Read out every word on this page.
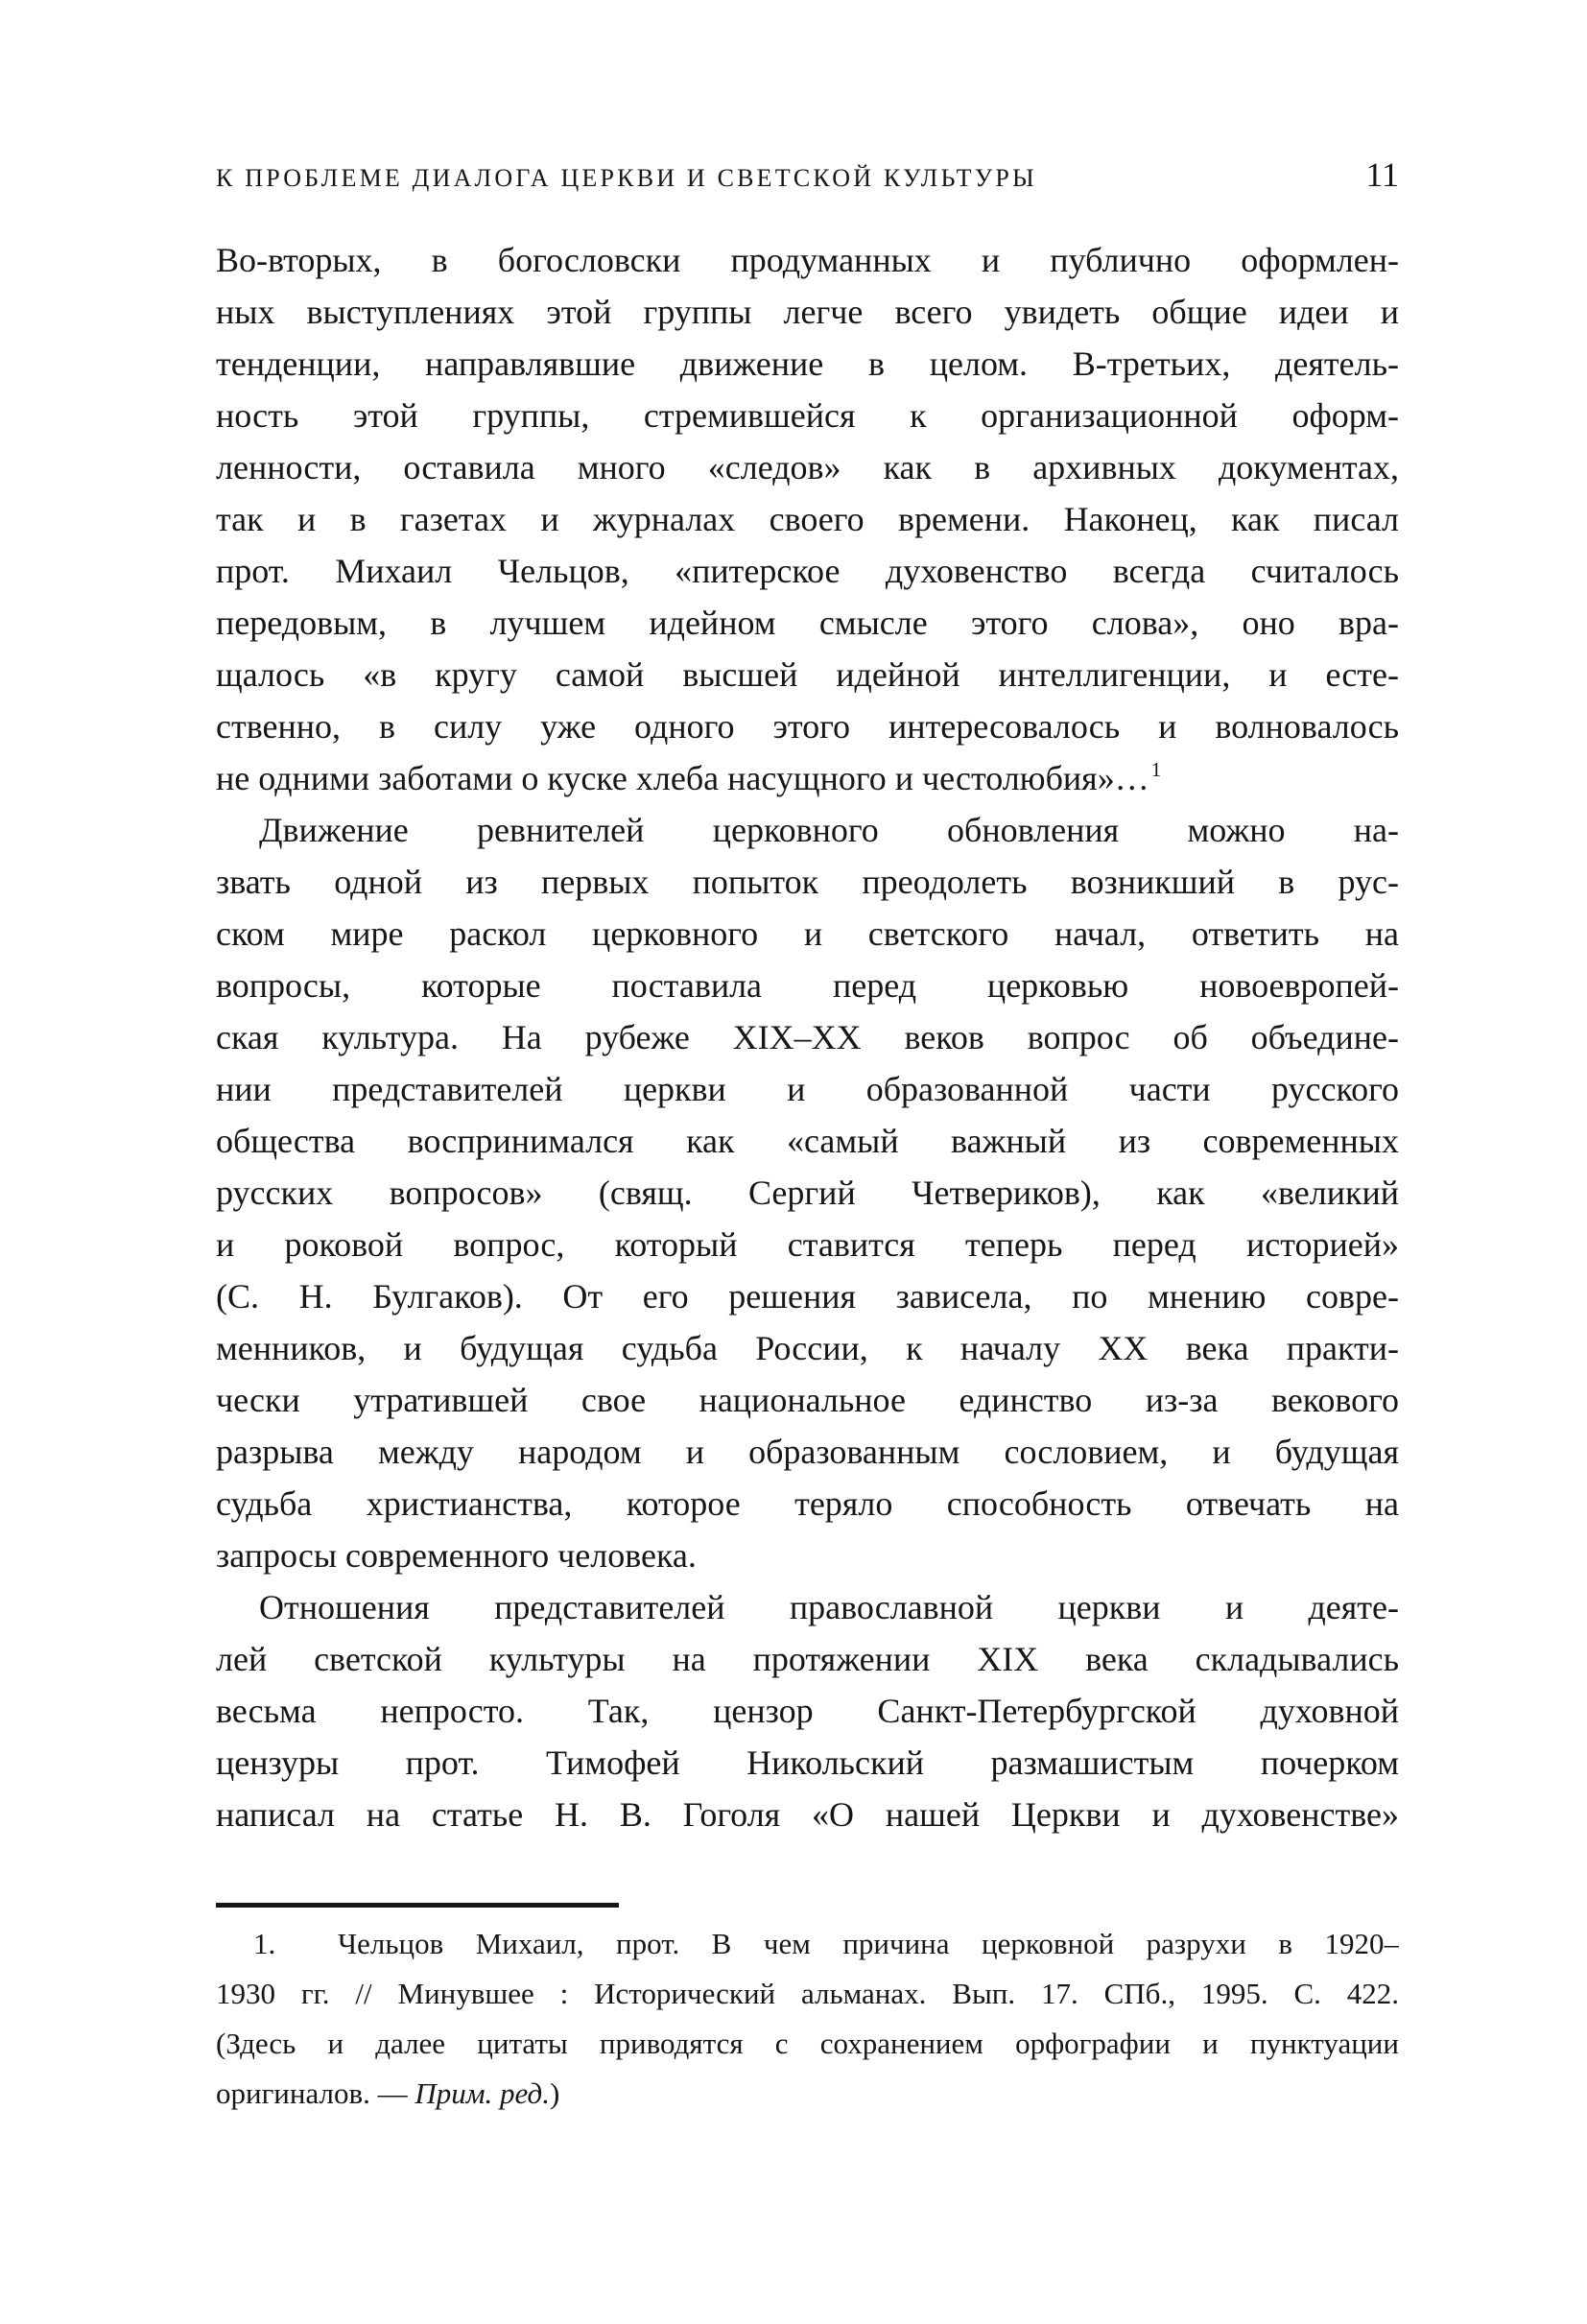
К ПРОБЛЕМЕ ДИАЛОГА ЦЕРКВИ И СВЕТСКОЙ КУЛЬТУРЫ	11
Во-вторых, в богословски продуманных и публично оформлен-
ных выступлениях этой группы легче всего увидеть общие идеи и
тенденции, направлявшие движение в целом. В-третьих, деятель-
ность этой группы, стремившейся к организационной оформ-
ленности, оставила много «следов» как в архивных документах,
так и в газетах и журналах своего времени. Наконец, как писал
прот. Михаил Чельцов, «питерское духовенство всегда считалось
передовым, в лучшем идейном смысле этого слова», оно вра-
щалось «в кругу самой высшей идейной интеллигенции, и есте-
ственно, в силу уже одного этого интересовалось и волновалось
не одними заботами о куске хлеба насущного и честолюбия»…$^1$
Движение ревнителей церковного обновления можно на-
звать одной из первых попыток преодолеть возникший в рус-
ском мире раскол церковного и светского начал, ответить на
вопросы, которые поставила перед церковью новоевропей-
ская культура. На рубеже XIX–XX веков вопрос об объедине-
нии представителей церкви и образованной части русского
общества воспринимался как «самый важный из современных
русских вопросов» (свящ. Сергий Четвериков), как «великий
и роковой вопрос, который ставится теперь перед историей»
(С. Н. Булгаков). От его решения зависела, по мнению совре-
менников, и будущая судьба России, к началу XX века практи-
чески утратившей свое национальное единство из-за векового
разрыва между народом и образованным сословием, и будущая
судьба христианства, которое теряло способность отвечать на
запросы современного человека.
Отношения представителей православной церкви и деяте-
лей светской культуры на протяжении XIX века складывались
весьма непросто. Так, цензор Санкт-Петербургской духовной
цензуры прот. Тимофей Никольский размашистым почерком
написал на статье Н. В. Гоголя «О нашей Церкви и духовенстве»
1. Чельцов Михаил, прот. В чем причина церковной разрухи в 1920–
1930 гг. // Минувшее : Исторический альманах. Вып. 17. СПб., 1995. С. 422.
(Здесь и далее цитаты приводятся с сохранением орфографии и пунктуации
оригиналов. — Прим. ред.)
